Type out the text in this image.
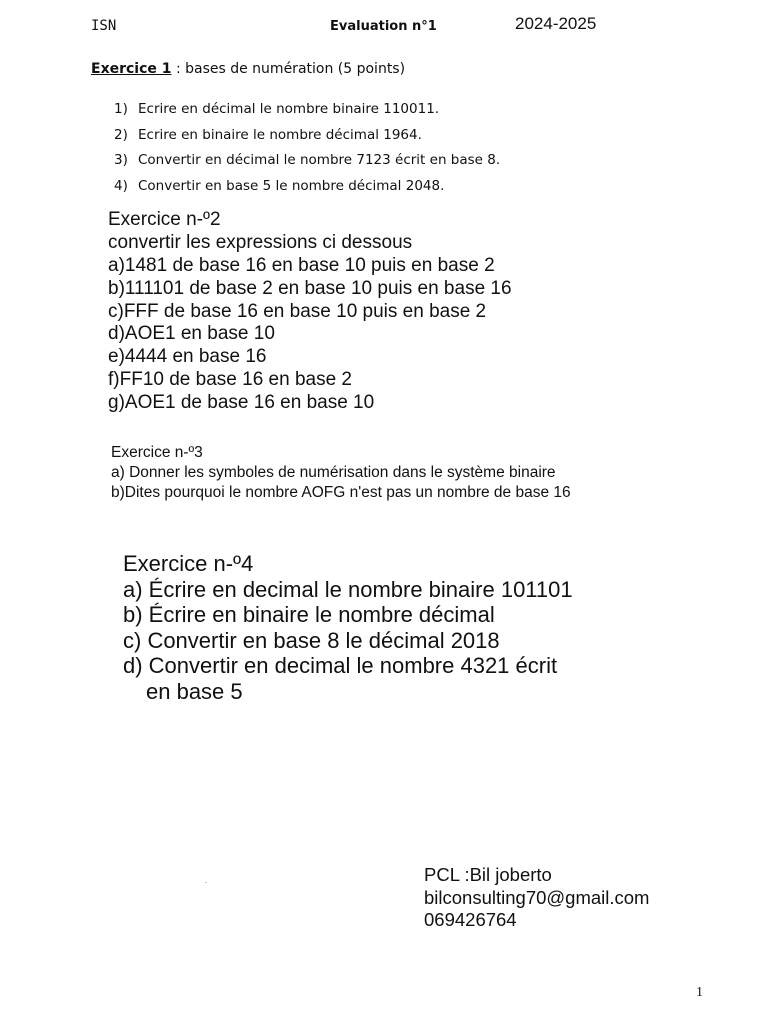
ISN	Evaluation n°1	2024-2025
Exercice 1 : bases de numération (5 points)
1) Ecrire en décimal le nombre binaire 110011.
2) Ecrire en binaire le nombre décimal 1964.
3) Convertir en décimal le nombre 7123 écrit en base 8.
4) Convertir en base 5 le nombre décimal 2048.
Exercice n-º2
convertir les expressions ci dessous
a)1481 de base 16 en base 10 puis en base 2
b)111101 de base 2 en base 10 puis en base 16
c)FFF de base 16 en base 10 puis en base 2
d)AOE1 en base 10
e)4444 en base 16
f)FF10 de base 16 en base 2
g)AOE1 de base 16 en base 10
Exercice n-º3
a) Donner les symboles de numérisation dans le système binaire
b)Dites pourquoi le nombre AOFG n'est pas un nombre de base 16
Exercice n-º4
a) Écrire en decimal le nombre binaire 101101
b) Écrire en binaire le nombre décimal
c) Convertir en base 8 le décimal 2018
d) Convertir en decimal le nombre 4321 écrit
en base 5
PCL :Bil joberto
bilconsulting70@gmail.com
069426764
.
1
